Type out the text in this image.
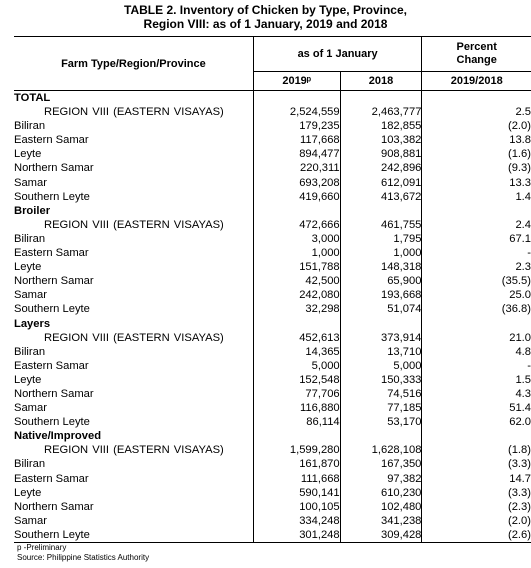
TABLE 2. Inventory of Chicken by Type, Province,
Region VIII: as of 1 January, 2019 and 2018
Farm Type/Region/Province	as of 1 January		Percent
Change

	2019ᵖ	2018	2019/2018
TOTAL			
REGION VIII (EASTERN VISAYAS)	2,524,559	2,463,777	2.5
Biliran	179,235	182,855	(2.0)
Eastern Samar	117,668	103,382	13.8
Leyte	894,477	908,881	(1.6)
Northern Samar	220,311	242,896	(9.3)
Samar	693,208	612,091	13.3
Southern Leyte	419,660	413,672	1.4
Broiler			
REGION VIII (EASTERN VISAYAS)	472,666	461,755	2.4
Biliran	3,000	1,795	67.1
Eastern Samar	1,000	1,000	-
Leyte	151,788	148,318	2.3
Northern Samar	42,500	65,900	(35.5)
Samar	242,080	193,668	25.0
Southern Leyte	32,298	51,074	(36.8)
Layers			
REGION VIII (EASTERN VISAYAS)	452,613	373,914	21.0
Biliran	14,365	13,710	4.8
Eastern Samar	5,000	5,000	-
Leyte	152,548	150,333	1.5
Northern Samar	77,706	74,516	4.3
Samar	116,880	77,185	51.4
Southern Leyte	86,114	53,170	62.0
Native/Improved			
REGION VIII (EASTERN VISAYAS)	1,599,280	1,628,108	(1.8)
Biliran	161,870	167,350	(3.3)
Eastern Samar	111,668	97,382	14.7
Leyte	590,141	610,230	(3.3)
Northern Samar	100,105	102,480	(2.3)
Samar	334,248	341,238	(2.0)
Southern Leyte	301,248	309,428	(2.6)
p -Preliminary
Source: Philippine Statistics Authority
